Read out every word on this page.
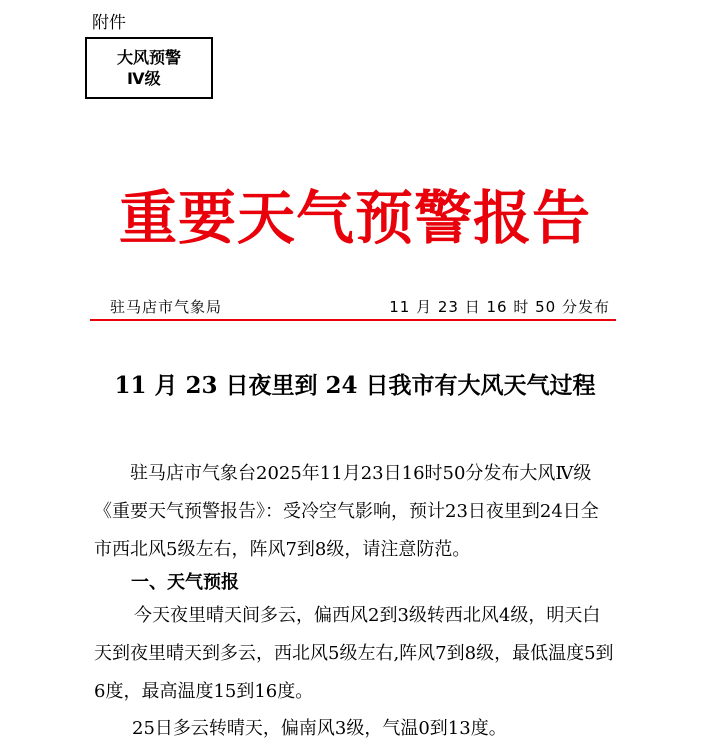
附件
大风预警
Ⅳ级
重要天气预警报告
驻马店市气象局	11 月 23 日 16 时 50 分发布
11 月 23 日夜里到 24 日我市有大风天气过程
驻马店市气象台2025年11月23日16时50分发布大风Ⅳ级《重要天气预警报告》：受冷空气影响，预计23日夜里到24日全市西北风5级左右，阵风7到8级，请注意防范。
一、天气预报
今天夜里晴天间多云，偏西风2到3级转西北风4级，明天白天到夜里晴天到多云，西北风5级左右,阵风7到8级，最低温度5到6度，最高温度15到16度。
25日多云转晴天，偏南风3级，气温0到13度。
